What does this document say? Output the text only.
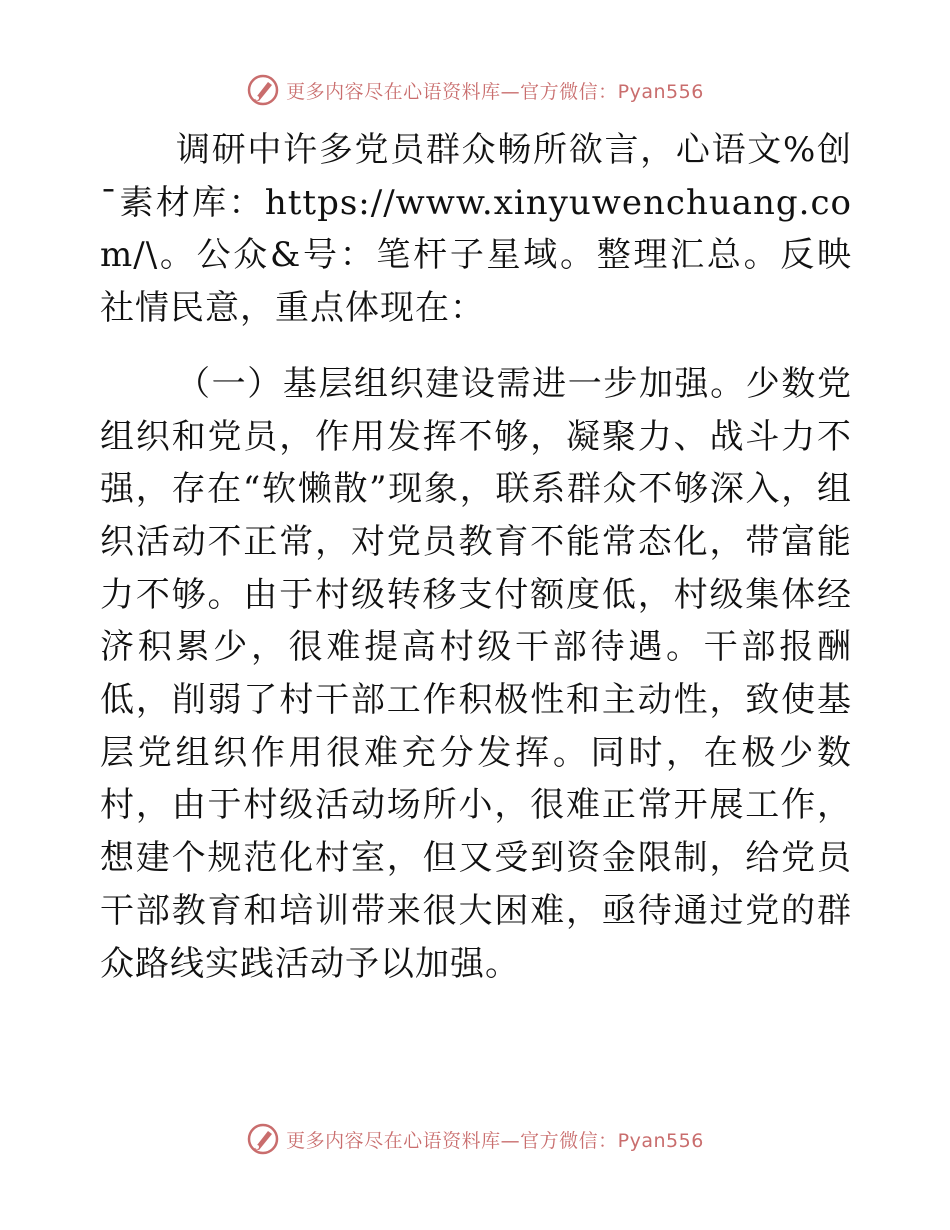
更多内容尽在心语资料库—官方微信：Pyan556

调研中许多党员群众畅所欲言，心语文%创¯素材库：https://www.xinyuwenchuang.com/\。公众&号：笔杆子星域。整理汇总。反映社情民意，重点体现在：

（一）基层组织建设需进一步加强。少数党组织和党员，作用发挥不够，凝聚力、战斗力不强，存在“软懒散”现象，联系群众不够深入，组织活动不正常，对党员教育不能常态化，带富能力不够。由于村级转移支付额度低，村级集体经济积累少，很难提高村级干部待遇。干部报酬低，削弱了村干部工作积极性和主动性，致使基层党组织作用很难充分发挥。同时，在极少数村，由于村级活动场所小，很难正常开展工作，想建个规范化村室，但又受到资金限制，给党员干部教育和培训带来很大困难，亟待通过党的群众路线实践活动予以加强。

更多内容尽在心语资料库—官方微信：Pyan556
